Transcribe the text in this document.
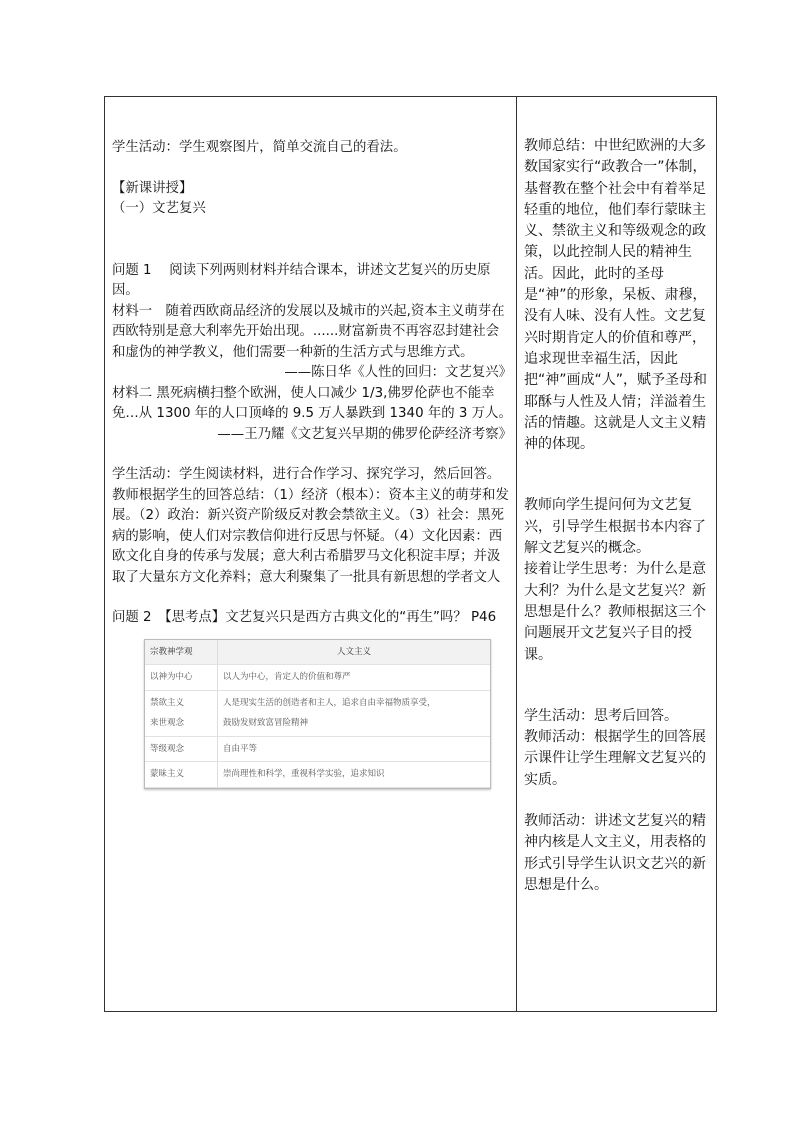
学生活动：学生观察图片，简单交流自己的看法。

【新课讲授】

（一）文艺复兴

问题 1　 阅读下列两则材料并结合课本，讲述文艺复兴的历史原因。

材料一　随着西欧商品经济的发展以及城市的兴起,资本主义萌芽在西欧特别是意大利率先开始出现。......财富新贵不再容忍封建社会和虚伪的神学教义，他们需要一种新的生活方式与思维方式。

——陈日华《人性的回归：文艺复兴》

材料二 黑死病横扫整个欧洲，使人口减少 1/3,佛罗伦萨也不能幸免…从 1300 年的人口顶峰的 9.5 万人暴跌到 1340 年的 3 万人。

——王乃耀《文艺复兴早期的佛罗伦萨经济考察》

学生活动：学生阅读材料，进行合作学习、探究学习，然后回答。

教师根据学生的回答总结：（1）经济（根本）：资本主义的萌芽和发展。（2）政治：新兴资产阶级反对教会禁欲主义。（3）社会：黑死病的影响，使人们对宗教信仰进行反思与怀疑。（4）文化因素：西欧文化自身的传承与发展；意大利古希腊罗马文化积淀丰厚；并汲取了大量东方文化养料；意大利聚集了一批具有新思想的学者文人

问题 2　【思考点】文艺复兴只是西方古典文化的“再生”吗？ P46

宗教神学观	人文主义
以神为中心	以人为中心，肯定人的价值和尊严
禁欲主义
来世观念	人是现实生活的创造者和主人，追求自由幸福物质享受，
鼓励发财致富冒险精神
等级观念	自由平等
蒙昧主义	崇尚理性和科学，重视科学实验，追求知识

教师总结：中世纪欧洲的大多数国家实行“政教合一”体制，基督教在整个社会中有着举足轻重的地位，他们奉行蒙昧主义、禁欲主义和等级观念的政策，以此控制人民的精神生活。因此，此时的圣母是“神”的形象，呆板、肃穆，没有人味、没有人性。文艺复兴时期肯定人的价值和尊严，追求现世幸福生活，因此把“神”画成“人”，赋予圣母和耶酥与人性及人情；洋溢着生活的情趣。这就是人文主义精神的体现。

教师向学生提问何为文艺复兴，引导学生根据书本内容了解文艺复兴的概念。

接着让学生思考：为什么是意大利？为什么是文艺复兴？新思想是什么？教师根据这三个问题展开文艺复兴子目的授课。

学生活动：思考后回答。

教师活动：根据学生的回答展示课件让学生理解文艺复兴的实质。

教师活动：讲述文艺复兴的精神内核是人文主义，用表格的形式引导学生认识文艺兴的新思想是什么。
